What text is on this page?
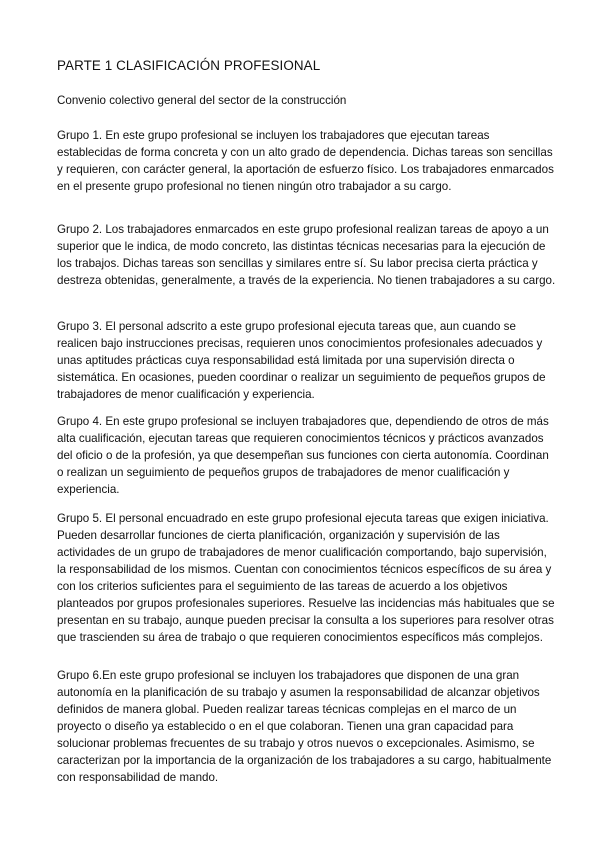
PARTE 1 CLASIFICACIÓN PROFESIONAL

Convenio colectivo general del sector de la construcción

Grupo 1. En este grupo profesional se incluyen los trabajadores que ejecutan tareas establecidas de forma concreta y con un alto grado de dependencia. Dichas tareas son sencillas y requieren, con carácter general, la aportación de esfuerzo físico. Los trabajadores enmarcados en el presente grupo profesional no tienen ningún otro trabajador a su cargo.

Grupo 2. Los trabajadores enmarcados en este grupo profesional realizan tareas de apoyo a un superior que le indica, de modo concreto, las distintas técnicas necesarias para la ejecución de los trabajos. Dichas tareas son sencillas y similares entre sí. Su labor precisa cierta práctica y destreza obtenidas, generalmente, a través de la experiencia. No tienen trabajadores a su cargo.

Grupo 3. El personal adscrito a este grupo profesional ejecuta tareas que, aun cuando se realicen bajo instrucciones precisas, requieren unos conocimientos profesionales adecuados y unas aptitudes prácticas cuya responsabilidad está limitada por una supervisión directa o sistemática. En ocasiones, pueden coordinar o realizar un seguimiento de pequeños grupos de trabajadores de menor cualificación y experiencia.

Grupo 4. En este grupo profesional se incluyen trabajadores que, dependiendo de otros de más alta cualificación, ejecutan tareas que requieren conocimientos técnicos y prácticos avanzados del oficio o de la profesión, ya que desempeñan sus funciones con cierta autonomía. Coordinan o realizan un seguimiento de pequeños grupos de trabajadores de menor cualificación y experiencia.

Grupo 5. El personal encuadrado en este grupo profesional ejecuta tareas que exigen iniciativa. Pueden desarrollar funciones de cierta planificación, organización y supervisión de las actividades de un grupo de trabajadores de menor cualificación comportando, bajo supervisión, la responsabilidad de los mismos. Cuentan con conocimientos técnicos específicos de su área y con los criterios suficientes para el seguimiento de las tareas de acuerdo a los objetivos planteados por grupos profesionales superiores. Resuelve las incidencias más habituales que se presentan en su trabajo, aunque pueden precisar la consulta a los superiores para resolver otras que trascienden su área de trabajo o que requieren conocimientos específicos más complejos.

Grupo 6.En este grupo profesional se incluyen los trabajadores que disponen de una gran autonomía en la planificación de su trabajo y asumen la responsabilidad de alcanzar objetivos definidos de manera global. Pueden realizar tareas técnicas complejas en el marco de un proyecto o diseño ya establecido o en el que colaboran. Tienen una gran capacidad para solucionar problemas frecuentes de su trabajo y otros nuevos o excepcionales. Asimismo, se caracterizan por la importancia de la organización de los trabajadores a su cargo, habitualmente con responsabilidad de mando.
